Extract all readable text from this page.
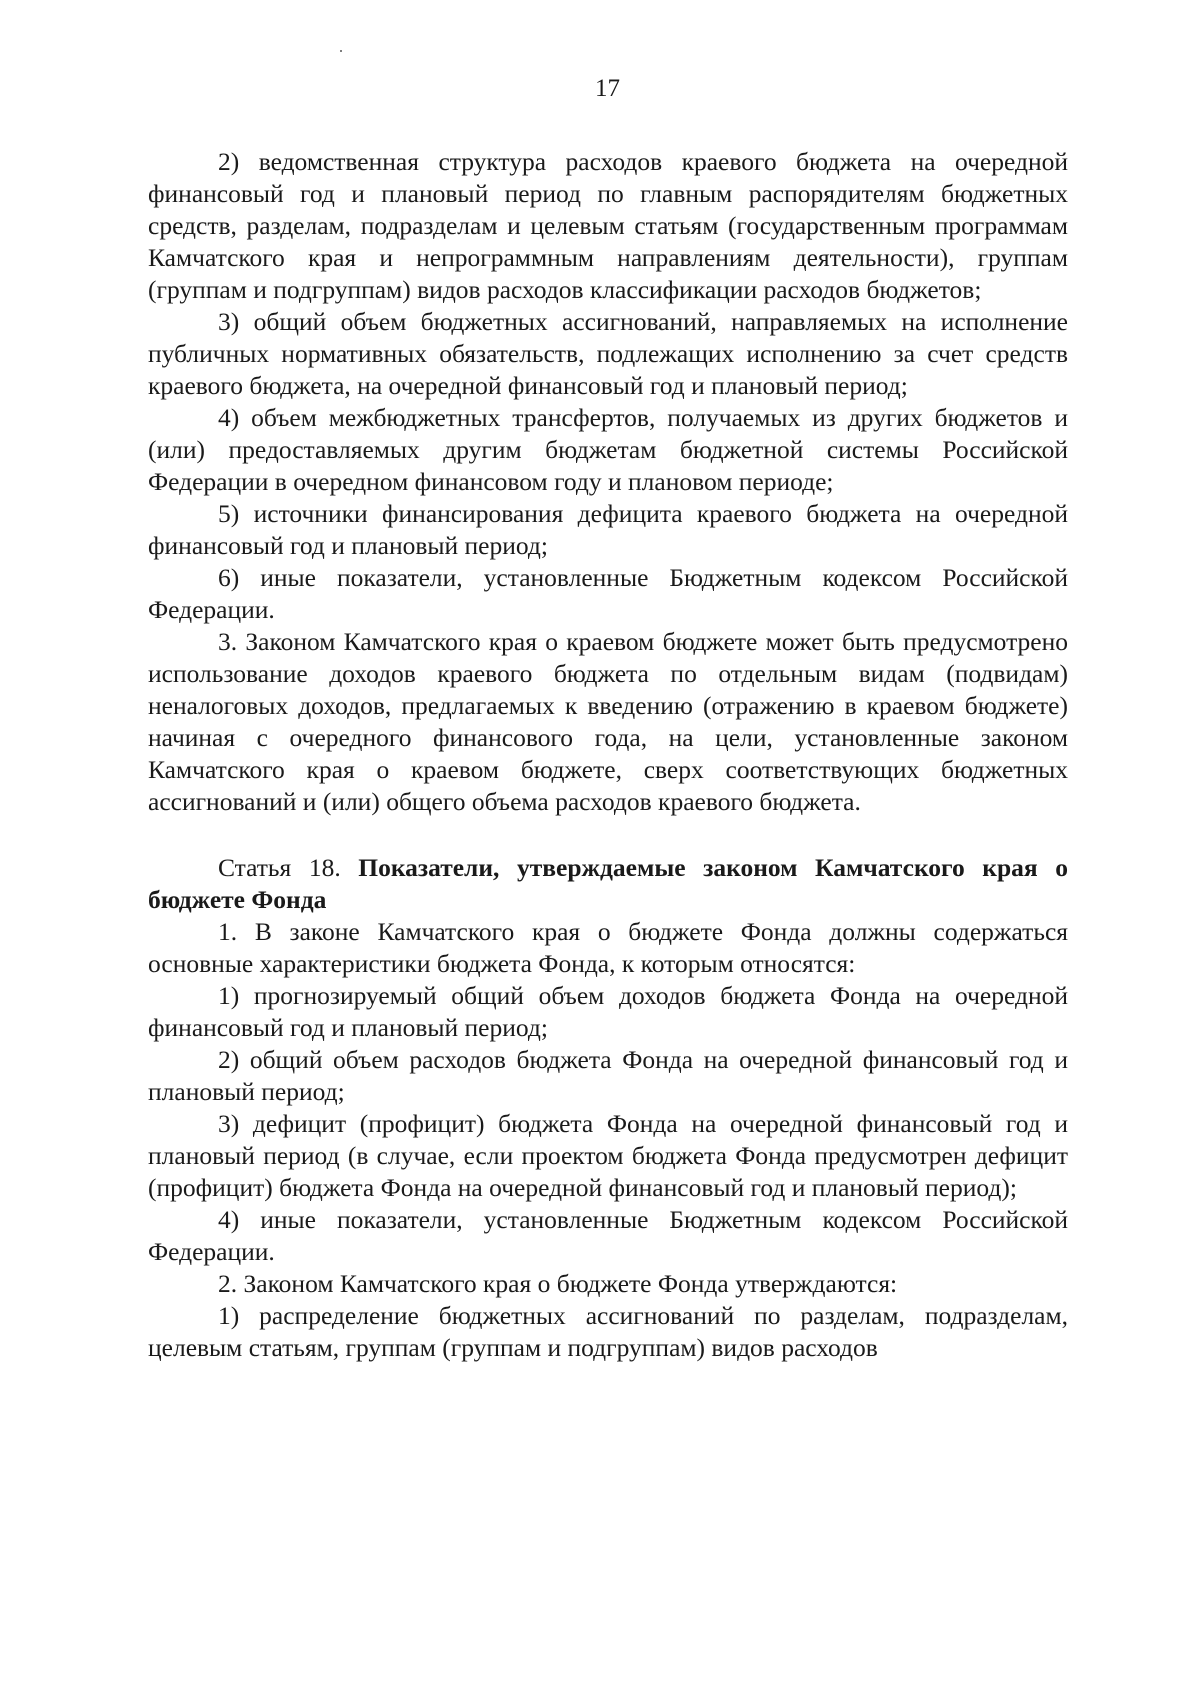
17

2) ведомственная структура расходов краевого бюджета на очередной финансовый год и плановый период по главным распорядителям бюджетных средств, разделам, подразделам и целевым статьям (государственным программам Камчатского края и непрограммным направлениям деятельности), группам (группам и подгруппам) видов расходов классификации расходов бюджетов;

3) общий объем бюджетных ассигнований, направляемых на исполнение публичных нормативных обязательств, подлежащих исполнению за счет средств краевого бюджета, на очередной финансовый год и плановый период;

4) объем межбюджетных трансфертов, получаемых из других бюджетов и (или) предоставляемых другим бюджетам бюджетной системы Российской Федерации в очередном финансовом году и плановом периоде;

5) источники финансирования дефицита краевого бюджета на очередной финансовый год и плановый период;

6) иные показатели, установленные Бюджетным кодексом Российской Федерации.

3. Законом Камчатского края о краевом бюджете может быть предусмотрено использование доходов краевого бюджета по отдельным видам (подвидам) неналоговых доходов, предлагаемых к введению (отражению в краевом бюджете) начиная с очередного финансового года, на цели, установленные законом Камчатского края о краевом бюджете, сверх соответствующих бюджетных ассигнований и (или) общего объема расходов краевого бюджета.

Статья 18. Показатели, утверждаемые законом Камчатского края о бюджете Фонда

1. В законе Камчатского края о бюджете Фонда должны содержаться основные характеристики бюджета Фонда, к которым относятся:

1) прогнозируемый общий объем доходов бюджета Фонда на очередной финансовый год и плановый период;

2) общий объем расходов бюджета Фонда на очередной финансовый год и плановый период;

3) дефицит (профицит) бюджета Фонда на очередной финансовый год и плановый период (в случае, если проектом бюджета Фонда предусмотрен дефицит (профицит) бюджета Фонда на очередной финансовый год и плановый период);

4) иные показатели, установленные Бюджетным кодексом Российской Федерации.

2. Законом Камчатского края о бюджете Фонда утверждаются:

1) распределение бюджетных ассигнований по разделам, подразделам, целевым статьям, группам (группам и подгруппам) видов расходов
